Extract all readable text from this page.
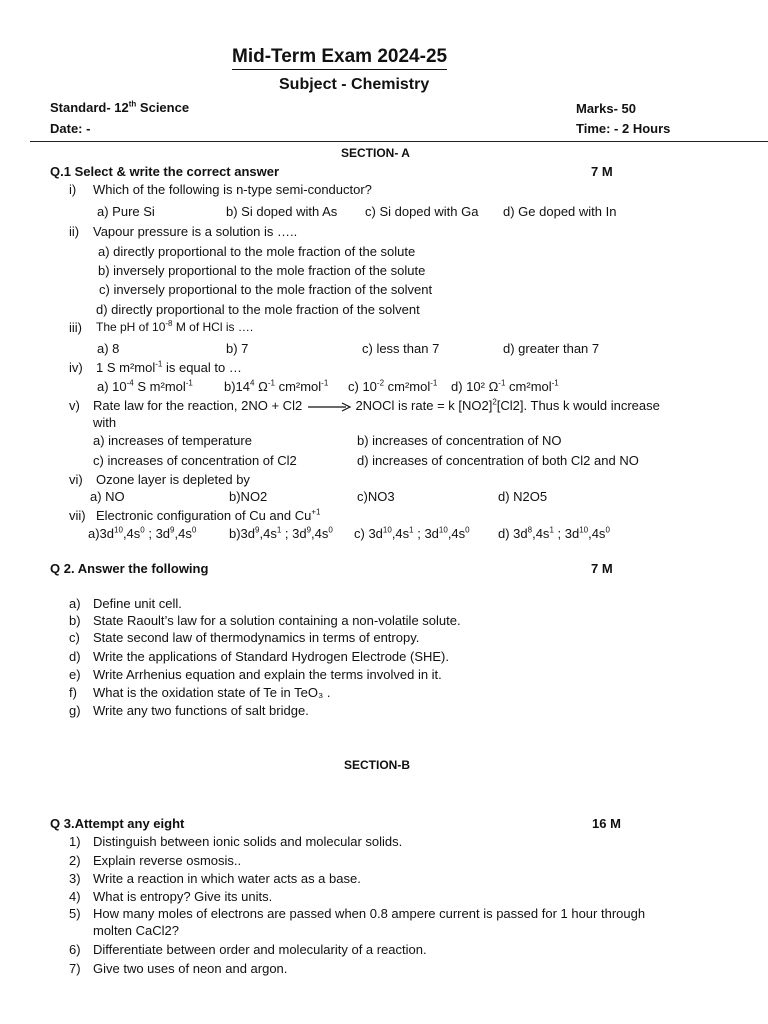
Mid-Term Exam 2024-25
Subject - Chemistry
Standard- 12th Science	Marks- 50
Date: -	Time: - 2 Hours
SECTION- A
Q.1 Select & write the correct answer	7 M
i) Which of the following is n-type semi-conductor?
a) Pure Si	b) Si doped with As c) Si doped with Ga d) Ge doped with In
ii) Vapour pressure is a solution is …..
a) directly proportional to the mole fraction of the solute
b) inversely proportional to the mole fraction of the solute
c) inversely proportional to the mole fraction of the solvent
d) directly proportional to the mole fraction of the solvent
iii) The pH of $10^{-8}$ M of HCl is ….
a) 8	b) 7	c) less than 7	d) greater than 7
iv) 1 S m²mol$^{-1}$ is equal to …
a) $10^{-4}$ S m²mol$^{-1}$ $b)14^4$ $\Omega^{-1}$ cm²mol$^{-1}$ c) $10^{-2}$ cm²mol$^{-1}$ d) 10² $\Omega^{-1}$ cm²mol$^{-1}$
v) Rate law for the reaction, 2NO + Cl2 → 2NOCl is rate = k $[NO2]^2[Cl2]$. Thus k would increase
with
a) increases of temperature	b) increases of concentration of NO
c) increases of concentration of Cl2	d) increases of concentration of both Cl2 and NO
vi) Ozone layer is depleted by
a) NO	b)NO2	c)NO3	d) N2O5
vii) Electronic configuration of Cu and $Cu^{+1}$
$a)3d^{10},4s^0$ ; $3d^9,4s^0$	$b)3d^9,4s^1$ ; $3d^9,4s^0$ c) $3d^{10},4s^1$ ; $3d^{10},4s^0$ d) $3d^8,4s^1$ ; $3d^{10},4s^0$
Q 2. Answer the following	7 M
a) Define unit cell.
b) State Raoult’s law for a solution containing a non-volatile solute.
c) State second law of thermodynamics in terms of entropy.
d) Write the applications of Standard Hydrogen Electrode (SHE).
e) Write Arrhenius equation and explain the terms involved in it.
f) What is the oxidation state of Te in TeO₃ .
g) Write any two functions of salt bridge.
SECTION-B
Q 3.Attempt any eight	16 M
1) Distinguish between ionic solids and molecular solids.
2) Explain reverse osmosis..
3) Write a reaction in which water acts as a base.
4) What is entropy? Give its units.
5) How many moles of electrons are passed when 0.8 ampere current is passed for 1 hour through
molten CaCl2?
6) Differentiate between order and molecularity of a reaction.
7) Give two uses of neon and argon.
